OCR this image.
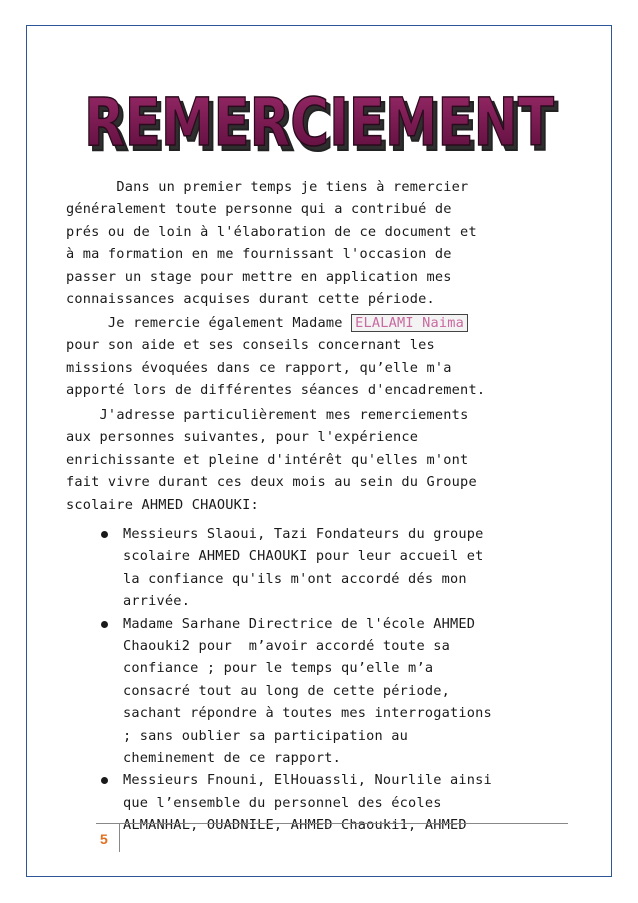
REMERCIEMENT
REMERCIEMENT

Dans un premier temps je tiens à remercier
généralement toute personne qui a contribué de
prés ou de loin à l'élaboration de ce document et
à ma formation en me fournissant l'occasion de
passer un stage pour mettre en application mes
connaissances acquises durant cette période.

Je remercie également Madame ELALAMI Naima
pour son aide et ses conseils concernant les
missions évoquées dans ce rapport, qu’elle m'a
apporté lors de différentes séances d'encadrement.

J'adresse particulièrement mes remerciements
aux personnes suivantes, pour l'expérience
enrichissante et pleine d'intérêt qu'elles m'ont
fait vivre durant ces deux mois au sein du Groupe
scolaire AHMED CHAOUKI:

Messieurs Slaoui, Tazi Fondateurs du groupe
scolaire AHMED CHAOUKI pour leur accueil et
la confiance qu'ils m'ont accordé dés mon
arrivée.
Madame Sarhane Directrice de l'école AHMED
Chaouki2 pour  m’avoir accordé toute sa
confiance ; pour le temps qu’elle m’a
consacré tout au long de cette période,
sachant répondre à toutes mes interrogations
; sans oublier sa participation au
cheminement de ce rapport.
Messieurs Fnouni, ElHouassli, Nourlile ainsi
que l’ensemble du personnel des écoles
ALMANHAL, OUADNILE, AHMED Chaouki1, AHMED
5
